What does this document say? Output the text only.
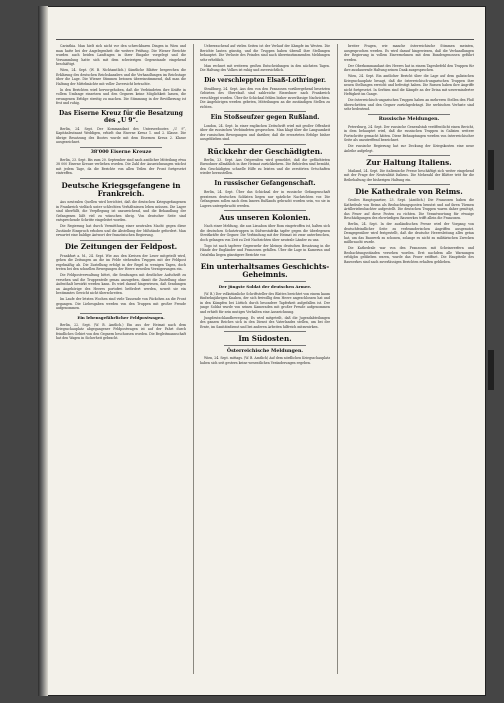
Carinthia. Man hielt sich nicht vor den schreckbaren Dingen in Wien und man hatte bei der Angelegenheit die weitere Prüfung. Die Wiener Berichte wurden auch beiden Landtagen in ihrer Eingabe vorgelegt und die Versammlung hatte sich mit dem schwierigen Gegenstande eingehend beschäftigt.
Wien, 24. Sept. (W. B. Nichtamtlich.) Sämtliche Blätter besprechen die Erklärung des deutschen Reichskanzlers und die Verhandlungen im Reichstage über die Lage. Die Wiener Stimmen betonen übereinstimmend, daß man die Haltung der Mittelmächte mit voller Zuversicht betrachte.
In den Berichten wird hervorgehoben, daß die Verbündeten ihre Kräfte in vollem Umfange einsetzen und den Gegnern keine Möglichkeit lassen, die errungenen Erfolge streitig zu machen. Die Stimmung in der Bevölkerung ist fest und ruhig.
Das Eiserne Kreuz für die Besatzung des „U 9“.
Berlin, 24. Sept. Der Kommandant des Unterseebootes „U 9“, Kapitänleutnant Weddigen, erhielt das Eiserne Kreuz 1. und 2. Klasse. Die übrige Besatzung des Bootes wurde mit dem Eisernen Kreuz 2. Klasse ausgezeichnet.
38'000 Eiserne Kreuze
Berlin, 23. Sept. Bis zum 20. September sind nach amtlicher Mitteilung etwa 38 000 Eiserne Kreuze verliehen worden. Die Zahl der Auszeichnungen wächst mit jedem Tage, da die Berichte von allen Teilen der Front fortgesetzt eintreffen.
Deutsche Kriegsgefangene in Frankreich.
Aus neutralen Quellen wird berichtet, daß die deutschen Kriegsgefangenen in Frankreich vielfach unter schlechten Verhältnissen leben müssen. Die Lager sind überfüllt, die Verpflegung ist unzureichend, und die Behandlung der Gefangenen läßt viel zu wünschen übrig. Von deutscher Seite sind entsprechende Schritte eingeleitet worden.
Die Regierung hat durch Vermittlung einer neutralen Macht gegen diese Zustände Einspruch erhoben und die Abstellung der Mißstände gefordert. Man erwartet eine baldige Antwort der französischen Regierung.
Die Zeitungen der Feldpost.
Frankfurt a. M., 24. Sept. Wie aus den Kreisen der Leser mitgeteilt wird, gehen die Zeitungen an die im Felde stehenden Truppen mit der Feldpost regelmäßig ab. Die Zustellung erfolgt in der Regel in wenigen Tagen, doch treten bei den schnellen Bewegungen der Heere zuweilen Verzögerungen ein.
Die Feldpostverwaltung bittet, die Sendungen mit deutlicher Aufschrift zu versehen und die Truppenteile genau anzugeben, damit die Zustellung ohne Aufenthalt bewirkt werden kann. Es wird darauf hingewiesen, daß Sendungen an Angehörige des Heeres portofrei befördert werden, soweit sie ein bestimmtes Gewicht nicht überschreiten.
Im Laufe der letzten Wochen sind viele Tausende von Päckchen an die Front gegangen. Die Liebesgaben werden von den Truppen mit großer Freude aufgenommen.
Ein lebensgefährlicher Feldpostwagen.
Berlin, 22. Sept. (W. B. Amtlich.) Ein aus der Heimat nach dem Kriegsschauplatz abgegangener Feldpostwagen ist auf der Fahrt durch feindliches Gebiet von den Gegnern beschossen worden. Die Begleitmannschaft hat den Wagen in Sicherheit gebracht.
Ueberraschend auf vielen Seiten ist der Verlauf der Kämpfe im Westen. Die Berichte lauten günstig, und die Truppen haben überall ihre Stellungen behauptet. Die Verluste des Feindes sind nach übereinstimmenden Meldungen sehr erheblich.
Man rechnet mit weiteren großen Entscheidungen in den nächsten Tagen. Die Haltung des Volkes ist ruhig und zuversichtlich.
Die verschleppten Elsaß-Lothringer.
Straßburg, 24. Sept. Aus den von den Franzosen vorübergehend besetzten Gebieten des Oberelsaß sind zahlreiche Einwohner nach Frankreich verschleppt worden. Über ihr Schicksal fehlen bisher zuverlässige Nachrichten. Die Angehörigen werden gebeten, Mitteilungen an die zuständigen Stellen zu richten.
Ein Stoßseufzer gegen Rußland.
London, 24. Sept. In einer englischen Zeitschrift wird mit großer Offenheit über die russischen Verbündeten gesprochen. Man klagt über die Langsamkeit der russischen Bewegungen und darüber, daß die erwarteten Erfolge bisher ausgeblieben sind.
Rückkehr der Geschädigten.
Berlin, 23. Sept. Aus Ostpreußen wird gemeldet, daß die geflüchteten Einwohner allmählich in ihre Heimat zurückkehren. Die Behörden sind bemüht, den Geschädigten schnelle Hilfe zu leisten und die zerstörten Ortschaften wieder herzustellen.
In russischer Gefangenschaft.
Berlin, 24. Sept. Über das Schicksal der in russische Gefangenschaft geratenen deutschen Soldaten liegen nur spärliche Nachrichten vor. Die Gefangenen sollen nach dem Innern Rußlands gebracht worden sein, wo sie in Lagern untergebracht werden.
Aus unseren Kolonien.
Nach einer Meldung, die aus Lissabon über Rom eingetroffen ist, halten sich die deutschen Schutztruppen in Südwestafrika tapfer gegen die überlegenen Streitkräfte der Gegner. Die Verbindung mit der Heimat ist zwar unterbrochen, doch gelangen von Zeit zu Zeit Nachrichten über neutrale Länder zu uns.
Togo ist nach tapferer Gegenwehr der kleinen deutschen Besatzung in die Hände der Engländer und Franzosen gefallen. Über die Lage in Kamerun und Ostafrika liegen günstigere Berichte vor.
Ein unterhaltsames Geschichts-Geheimnis.
Der jüngste Soldat der deutschen Armee.
(W. B.) Der volkstümliche Schriftsteller des Blattes berichtet von einem kaum fünfzehnjährigen Knaben, der sich freiwillig dem Heere angeschlossen hat und in den Kämpfen bei Lüttich durch besondere Tapferkeit aufgefallen ist. Der junge Soldat wurde von seinen Kameraden mit großer Freude aufgenommen und erhielt für sein mutiges Verhalten eine Auszeichnung.
Jungdeutschlandbewegung. Es wird mitgeteilt, daß die Jugendabteilungen des ganzen Reiches sich in den Dienst des Vaterlandes stellen, um bei der Ernte, im Sanitätsdienst und bei anderen Arbeiten hilfreich mitzuwirken.
Im Südosten.
Österreichische Meldungen.
Wien, 24. Sept. mittags. (W. B. Amtlich) Auf dem nördlichen Kriegsschauplatz haben sich seit gestern keine wesentlichen Veränderungen ergeben.
breiter Fragen, wie manche österreichische Stimmen meinten, ausgesprochen werden. Es wird darauf hingewiesen, daß die Verhandlungen der Regierung in vollem Einvernehmen mit dem Bundesgenossen geführt werden.
Der Oberkommandant des Heeres hat in einem Tagesbefehl den Truppen für ihre ausdauernde Haltung seinen Dank ausgesprochen.
Wien, 24. Sept. Ein amtlicher Bericht über die Lage auf dem galizischen Kriegsschauplatz besagt, daß die österreichisch-ungarischen Truppen ihre neuen Stellungen erreicht und befestigt haben. Die Russen haben ihre Angriffe nicht fortgesetzt. In Serbien sind die Kämpfe an der Drina mit unverminderter Heftigkeit im Gange.
Die österreichisch-ungarischen Truppen haben an mehreren Stellen den Fluß überschritten und den Gegner zurückgedrängt. Die serbischen Verluste sind sehr bedeutend.
Russische Meldungen.
Petersburg, 24. Sept. Der russische Generalstab veröffentlicht einen Bericht, in dem behauptet wird, daß die russischen Truppen in Galizien weitere Fortschritte gemacht hätten. Diese Behauptungen werden von österreichischer Seite als unzutreffend bezeichnet.
Die russische Regierung hat zur Deckung der Kriegskosten eine neue Anleihe aufgelegt.
Zur Haltung Italiens.
Mailand, 24. Sept. Die italienische Presse beschäftigt sich weiter eingehend mit der Frage der Neutralität Italiens. Die Mehrzahl der Blätter tritt für die Beibehaltung der bisherigen Haltung ein.
Die Kathedrale von Reims.
Großes Hauptquartier, 23. Sept. (Amtlich.) Die Franzosen haben die Kathedrale von Reims als Beobachtungsposten benutzt und auf ihren Türmen Artilleriebeobachter aufgestellt. Die deutschen Truppen waren daher genötigt, das Feuer auf diese Posten zu richten. Die Verantwortung für etwaige Beschädigungen des ehrwürdigen Bauwerkes trifft allein die Franzosen.
Berlin, 24. Sept. In der ausländischen Presse wird der Vorgang von deutschfeindlicher Seite zu verleumderischen Angriffen ausgenutzt. Demgegenüber wird festgestellt, daß die deutsche Heeresleitung alles getan hat, um das Bauwerk zu schonen, solange es nicht zu militärischen Zwecken mißbraucht wurde.
Die Kathedrale war von den Franzosen mit Scheinwerfern und Beobachtungsständen versehen worden. Erst nachdem alle Warnungen erfolglos geblieben waren, wurde das Feuer eröffnet. Die Hauptteile des Bauwerkes sind nach zuverlässigen Berichten erhalten geblieben.
